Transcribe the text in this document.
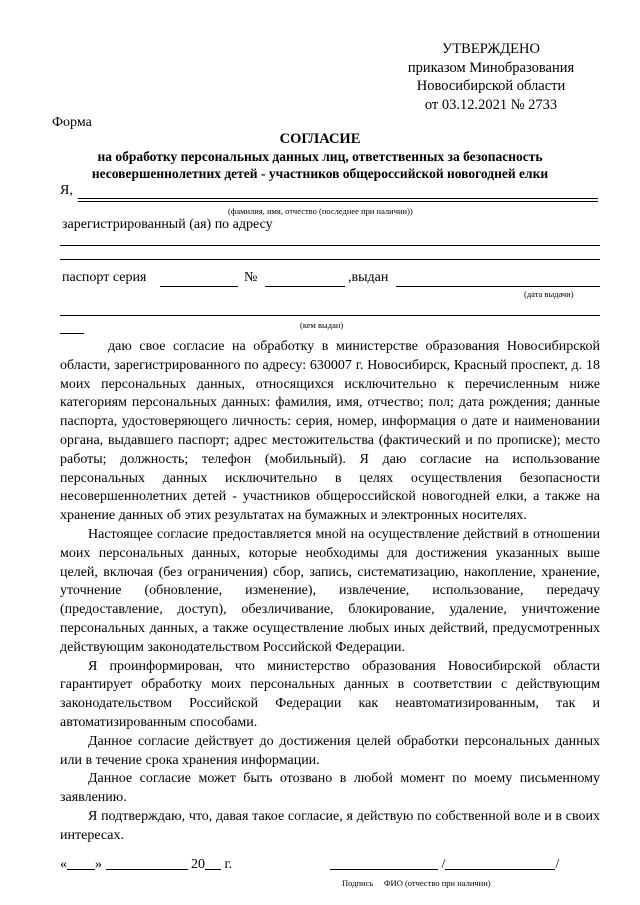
УТВЕРЖДЕНО
приказом Минобразования
Новосибирской области
от 03.12.2021 № 2733
Форма
СОГЛАСИЕ
на обработку персональных данных лиц, ответственных за безопасность
несовершеннолетних детей - участников общероссийской новогодней елки
Я,
(фамилия, имя, отчество (последнее при наличии))
зарегистрированный (ая) по адресу
паспорт серия	№	,выдан
(дата выдачи)
(кем выдан)

даю свое согласие на обработку в министерстве образования Новосибирской области, зарегистрированного по адресу: 630007 г. Новосибирск, Красный проспект, д. 18 моих персональных данных, относящихся исключительно к перечисленным ниже категориям персональных данных: фамилия, имя, отчество; пол; дата рождения; данные паспорта, удостоверяющего личность: серия, номер, информация о дате и наименовании органа, выдавшего паспорт; адрес местожительства (фактический и по прописке); место работы; должность; телефон (мобильный). Я даю согласие на использование персональных данных исключительно в целях осуществления безопасности несовершеннолетних детей - участников общероссийской новогодней елки, а также на хранение данных об этих результатах на бумажных и электронных носителях.

Настоящее согласие предоставляется мной на осуществление действий в отношении моих персональных данных, которые необходимы для достижения указанных выше целей, включая (без ограничения) сбор, запись, систематизацию, накопление, хранение, уточнение (обновление, изменение), извлечение, использование, передачу (предоставление, доступ), обезличивание, блокирование, удаление, уничтожение персональных данных, а также осуществление любых иных действий, предусмотренных действующим законодательством Российской Федерации.

Я проинформирован, что министерство образования Новосибирской области гарантирует обработку моих персональных данных в соответствии с действующим законодательством Российской Федерации как неавтоматизированным, так и автоматизированным способами.

Данное согласие действует до достижения целей обработки персональных данных или в течение срока хранения информации.

Данное согласие может быть отозвано в любой момент по моему письменному заявлению.

Я подтверждаю, что, давая такое согласие, я действую по собственной воле и в своих интересах.

« »	20 г.	/	/
Подпись     ФИО (отчество при наличии)
